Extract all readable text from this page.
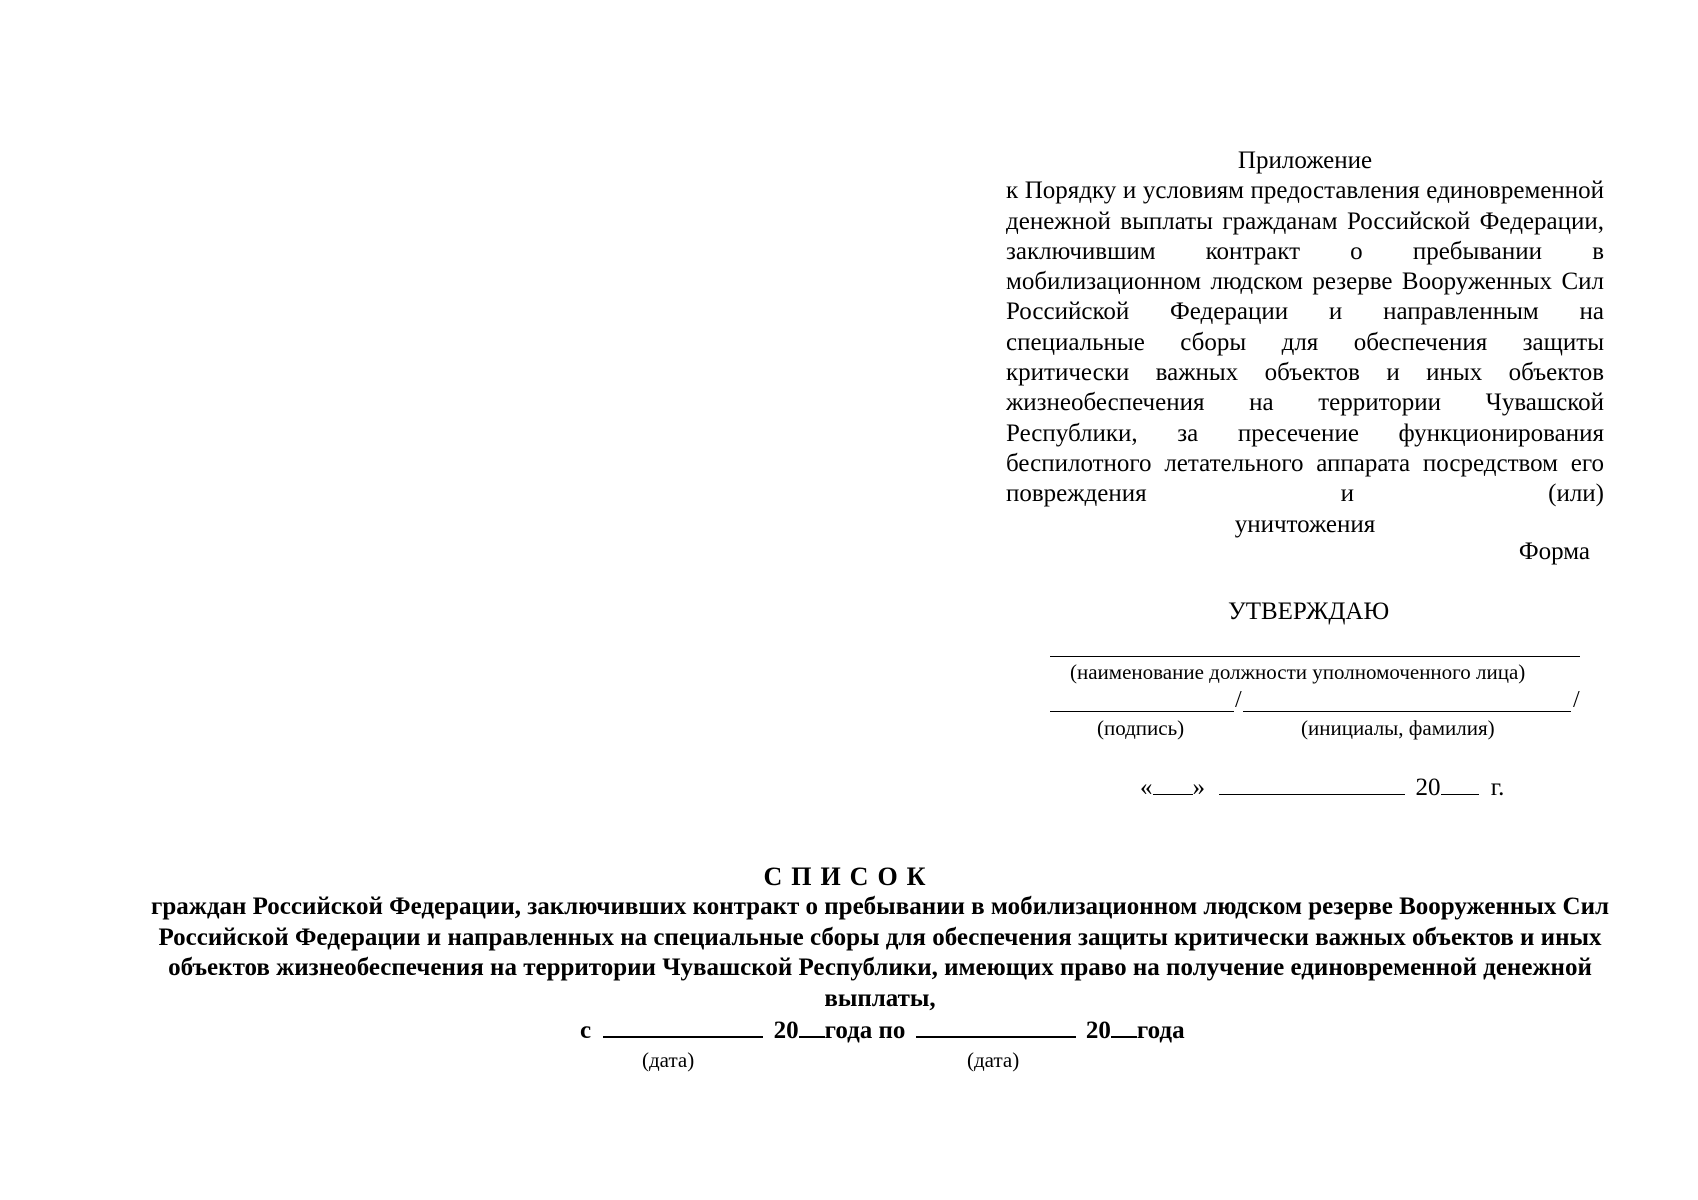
Приложение
к Порядку и условиям предоставления единовременной денежной выплаты гражданам Российской Федерации, заключившим контракт о пребывании в мобилизационном людском резерве Вооруженных Сил Российской Федерации и направленным на специальные сборы для обеспечения защиты критически важных объектов и иных объектов жизнеобеспечения на территории Чувашской Республики, за пресечение функционирования беспилотного летательного аппарата посредством его повреждения и (или)
уничтожения
Форма
УТВЕРЖДАЮ
(наименование должности уполномоченного лица)
/	/
(подпись)	(инициалы, фамилия)
« »	20 г.
СПИСОК
граждан Российской Федерации, заключивших контракт о пребывании в мобилизационном людском резерве Вооруженных Сил Российской Федерации и направленных на специальные сборы для обеспечения защиты критически важных объектов и иных объектов жизнеобеспечения на территории Чувашской Республики, имеющих право на получение единовременной денежной выплаты,
с	20 года по	20 года
(дата)	(дата)
